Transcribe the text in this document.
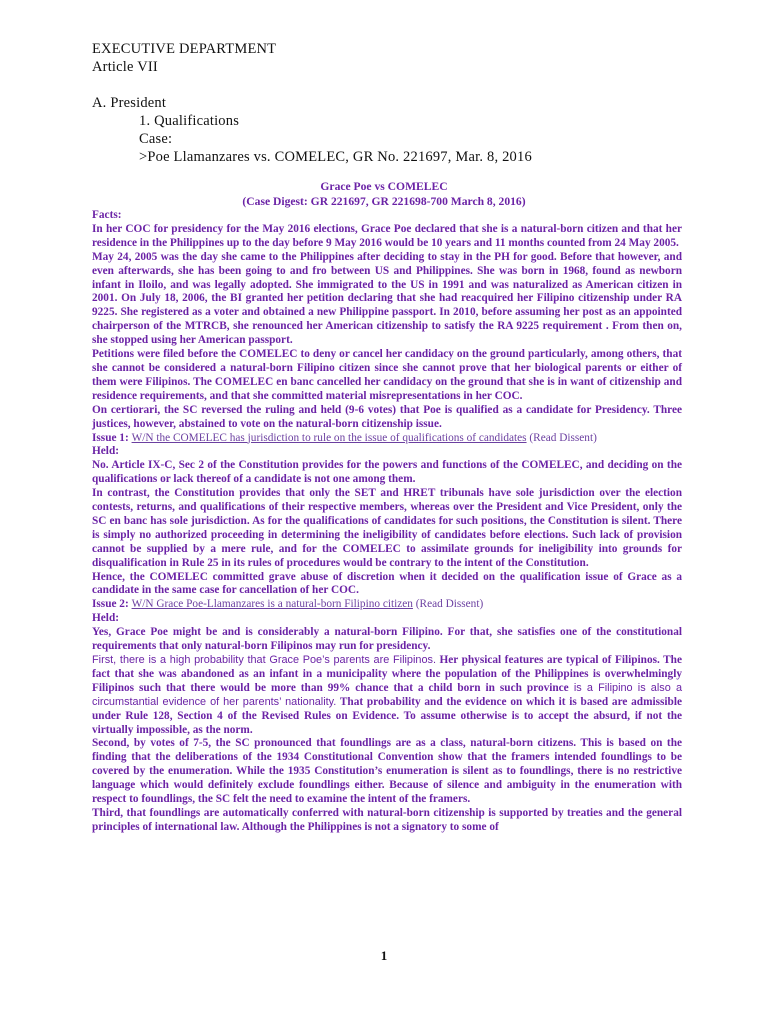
EXECUTIVE DEPARTMENT
Article VII
A. President
1. Qualifications
Case:
>Poe Llamanzares vs. COMELEC, GR No. 221697, Mar. 8, 2016
Grace Poe vs COMELEC
(Case Digest: GR 221697, GR 221698-700 March 8, 2016)

Facts:

In her COC for presidency for the May 2016 elections, Grace Poe declared that she is a natural-born citizen and that her residence in the Philippines up to the day before 9 May 2016 would be 10 years and 11 months counted from 24 May 2005.

May 24, 2005 was the day she came to the Philippines after deciding to stay in the PH for good. Before that however, and even afterwards, she has been going to and fro between US and Philippines. She was born in 1968, found as newborn infant in Iloilo, and was legally adopted. She immigrated to the US in 1991 and was naturalized as American citizen in 2001. On July 18, 2006, the BI granted her petition declaring that she had reacquired her Filipino citizenship under RA 9225. She registered as a voter and obtained a new Philippine passport. In 2010, before assuming her post as an appointed chairperson of the MTRCB, she renounced her American citizenship to satisfy the RA 9225 requirement . From then on, she stopped using her American passport.

Petitions were filed before the COMELEC to deny or cancel her candidacy on the ground particularly, among others, that she cannot be considered a natural-born Filipino citizen since she cannot prove that her biological parents or either of them were Filipinos. The COMELEC en banc cancelled her candidacy on the ground that she is in want of citizenship and residence requirements, and that she committed material misrepresentations in her COC.

On certiorari, the SC reversed the ruling and held (9-6 votes) that Poe is qualified as a candidate for Presidency. Three justices, however, abstained to vote on the natural-born citizenship issue.

Issue 1: W/N the COMELEC has jurisdiction to rule on the issue of qualifications of candidates (Read Dissent)

Held:

No. Article IX-C, Sec 2 of the Constitution provides for the powers and functions of the COMELEC, and deciding on the qualifications or lack thereof of a candidate is not one among them.

In contrast, the Constitution provides that only the SET and HRET tribunals have sole jurisdiction over the election contests, returns, and qualifications of their respective members, whereas over the President and Vice President, only the SC en banc has sole jurisdiction. As for the qualifications of candidates for such positions, the Constitution is silent. There is simply no authorized proceeding in determining the ineligibility of candidates before elections. Such lack of provision cannot be supplied by a mere rule, and for the COMELEC to assimilate grounds for ineligibility into grounds for disqualification in Rule 25 in its rules of procedures would be contrary to the intent of the Constitution.

Hence, the COMELEC committed grave abuse of discretion when it decided on the qualification issue of Grace as a candidate in the same case for cancellation of her COC.

Issue 2: W/N Grace Poe-Llamanzares is a natural-born Filipino citizen (Read Dissent)

Held:

Yes, Grace Poe might be and is considerably a natural-born Filipino. For that, she satisfies one of the constitutional requirements that only natural-born Filipinos may run for presidency.

First, there is a high probability that Grace Poe’s parents are Filipinos. Her physical features are typical of Filipinos. The fact that she was abandoned as an infant in a municipality where the population of the Philippines is overwhelmingly Filipinos such that there would be more than 99% chance that a child born in such province is a Filipino is also a circumstantial evidence of her parents’ nationality. That probability and the evidence on which it is based are admissible under Rule 128, Section 4 of the Revised Rules on Evidence. To assume otherwise is to accept the absurd, if not the virtually impossible, as the norm.

Second, by votes of 7-5, the SC pronounced that foundlings are as a class, natural-born citizens. This is based on the finding that the deliberations of the 1934 Constitutional Convention show that the framers intended foundlings to be covered by the enumeration. While the 1935 Constitution’s enumeration is silent as to foundlings, there is no restrictive language which would definitely exclude foundlings either. Because of silence and ambiguity in the enumeration with respect to foundlings, the SC felt the need to examine the intent of the framers.

Third, that foundlings are automatically conferred with natural-born citizenship is supported by treaties and the general principles of international law. Although the Philippines is not a signatory to some of

1
